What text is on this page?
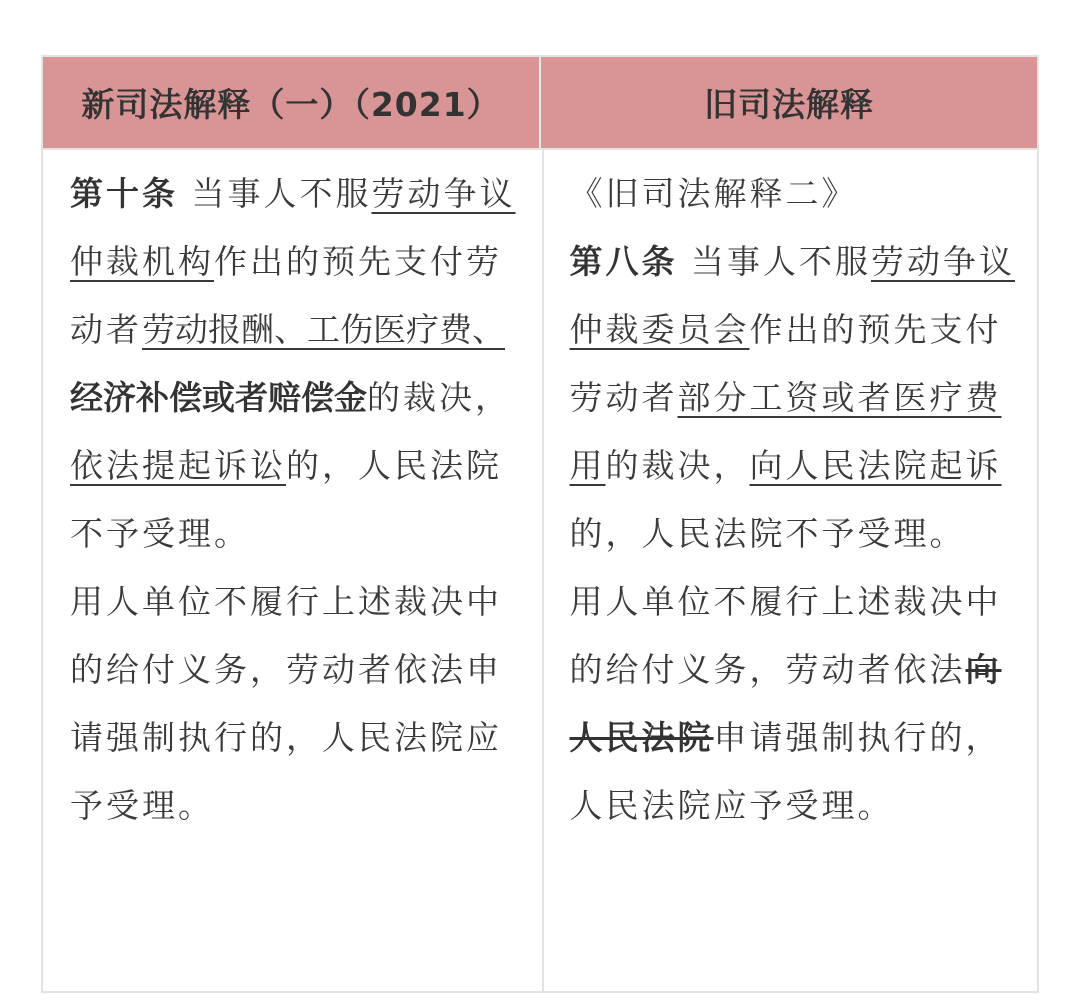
新司法解释（一）（2021）	旧司法解释

第十条 当事人不服劳动争议仲裁机构作出的预先支付劳动者劳动报酬、工伤医疗费、经济补偿或者赔偿金的裁决，依法提起诉讼的，人民法院不予受理。

用人单位不履行上述裁决中的给付义务，劳动者依法申请强制执行的，人民法院应予受理。

《旧司法解释二》

第八条 当事人不服劳动争议仲裁委员会作出的预先支付劳动者部分工资或者医疗费用的裁决，向人民法院起诉的，人民法院不予受理。

用人单位不履行上述裁决中的给付义务，劳动者依法向人民法院申请强制执行的，人民法院应予受理。
